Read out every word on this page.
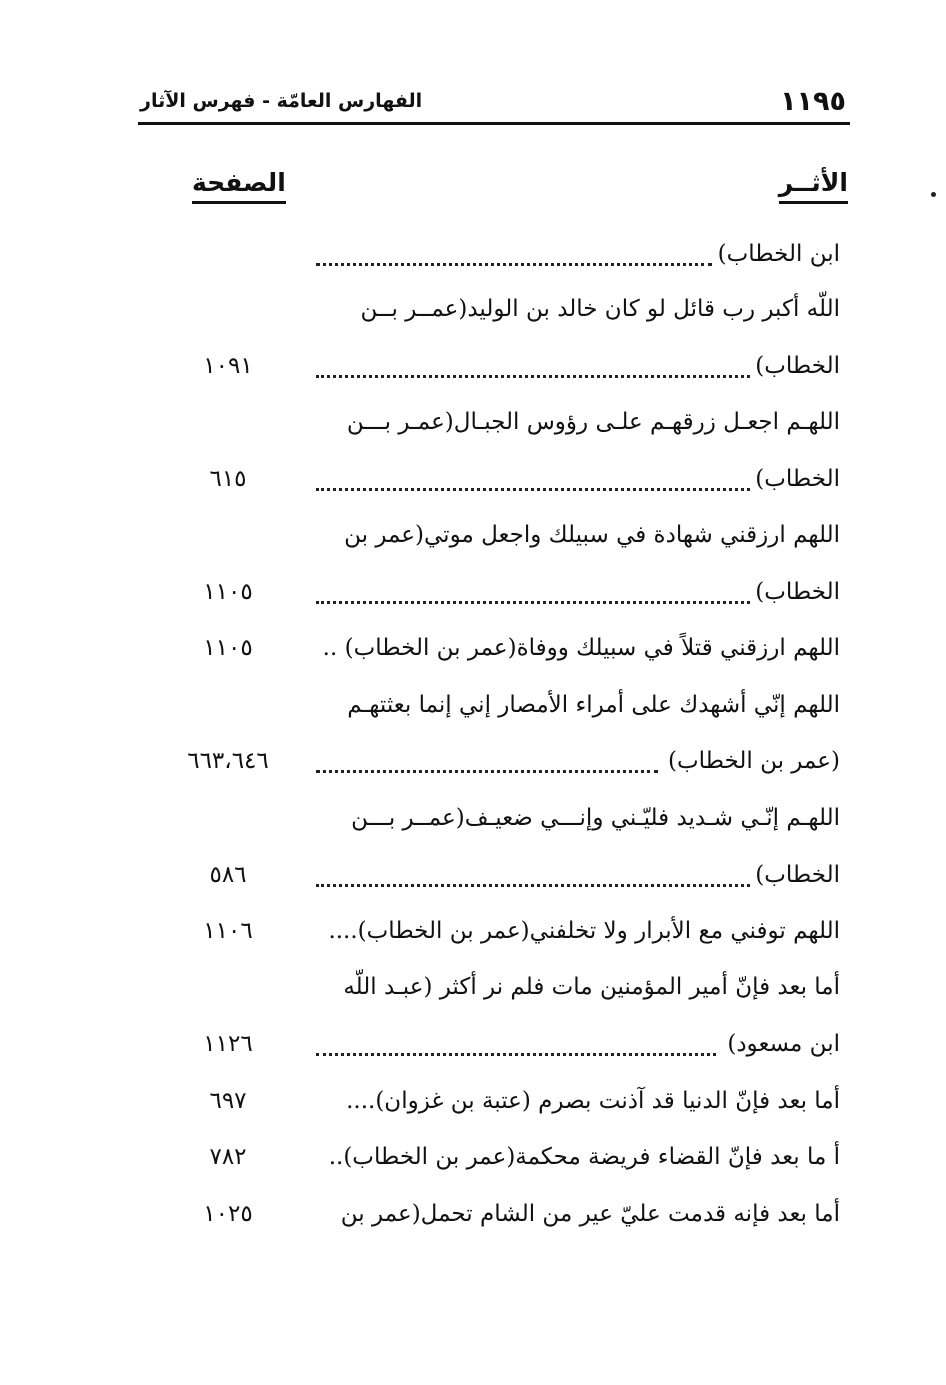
١١٩٥
الفهارس العامّة - فهرس الآثار
الأثــر
الصفحة
ابن الخطاب)
اللّه أكبر رب قائل لو كان خالد بن الوليد(عمــر بــن
الخطاب)
١٠٩١
اللهـم اجعـل زرقهـم علـى رؤوس الجبـال(عمـر بـــن
الخطاب)
٦١٥
اللهم ارزقني شهادة في سبيلك واجعل موتي(عمر بن
الخطاب)
١١٠٥
اللهم ارزقني قتلاً في سبيلك ووفاة(عمر بن الخطاب) ..
١١٠٥
اللهم إنّي أشهدك على أمراء الأمصار إني إنما بعثتهـم
(عمر بن الخطاب)
٦٦٣،٦٤٦
اللهـم إنّـي شـديد فليّـني وإنـــي ضعيـف(عمــر بـــن
الخطاب)
٥٨٦
اللهم توفني مع الأبرار ولا تخلفني(عمر بن الخطاب)....
١١٠٦
أما بعد فإنّ أمير المؤمنين مات فلم نر أكثر (عبـد اللّه
ابن مسعود)
١١٢٦
أما بعد فإنّ الدنيا قد آذنت بصرم (عتبة بن غزوان)....
٦٩٧
أ ما بعد فإنّ القضاء فريضة محكمة(عمر بن الخطاب)..
٧٨٢
أما بعد فإنه قدمت عليّ عير من الشام تحمل(عمر بن
١٠٢٥
